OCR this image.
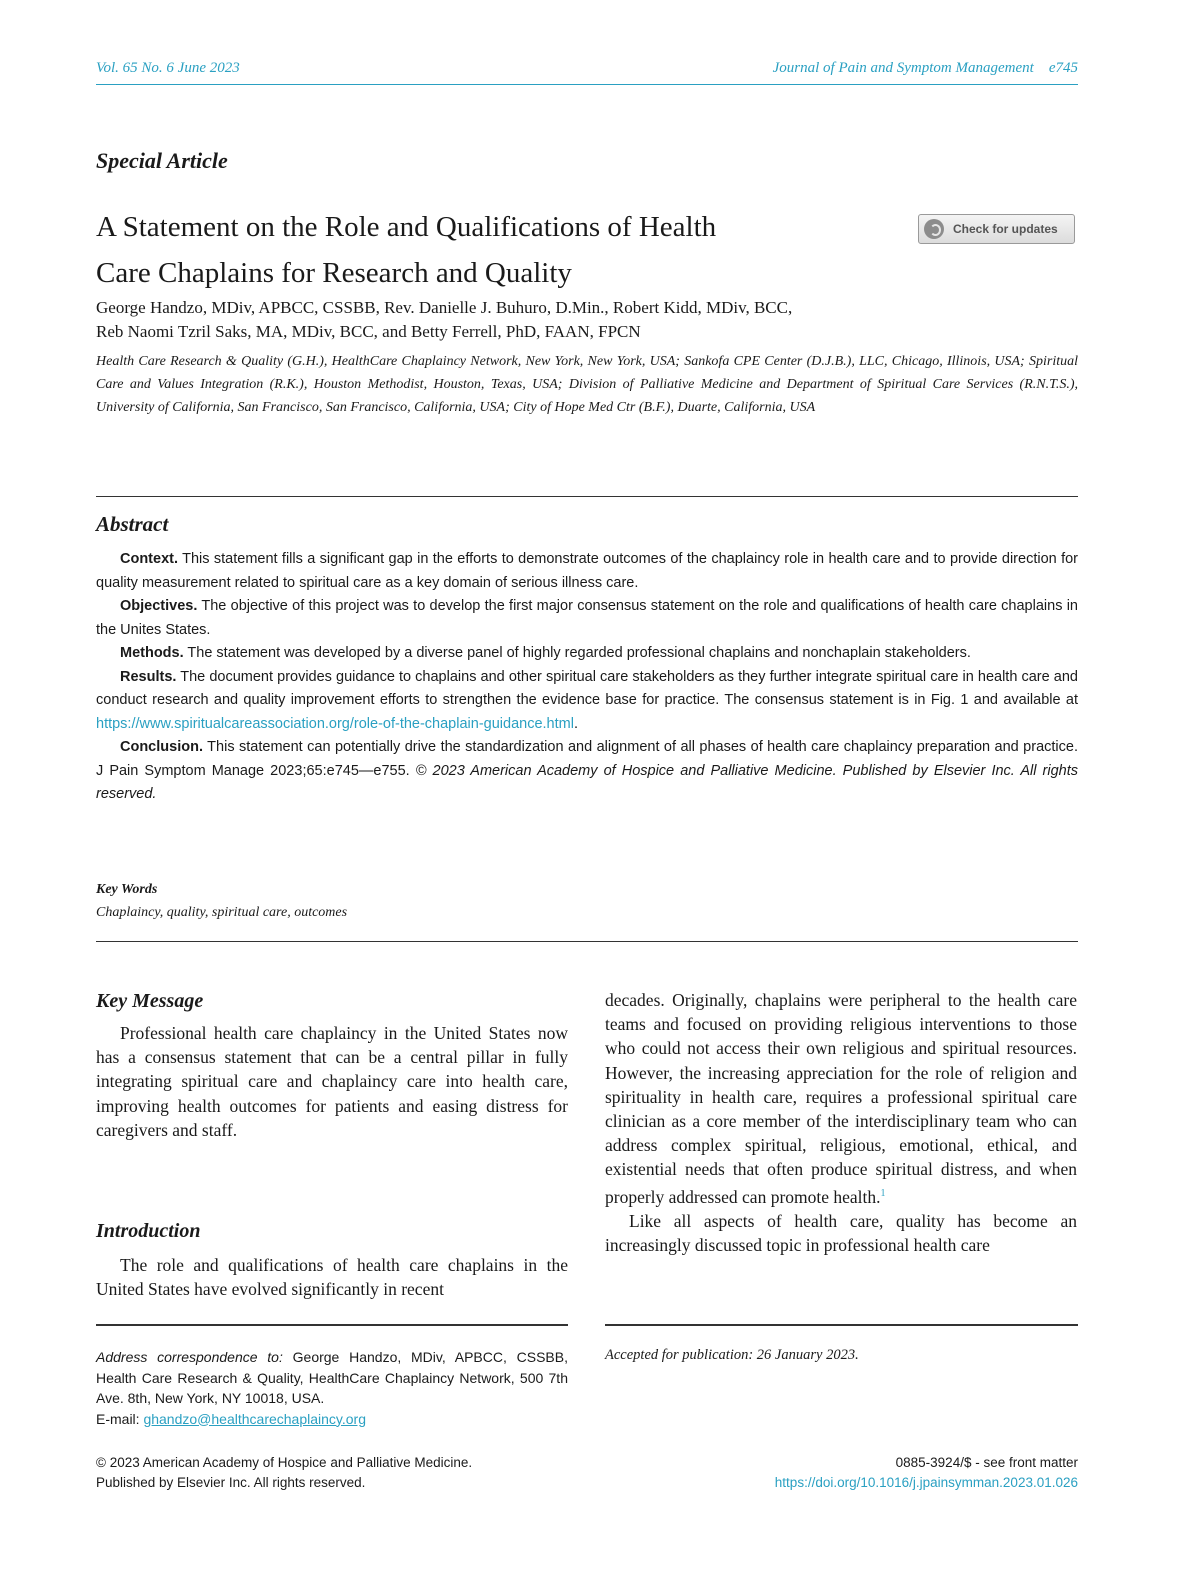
Vol. 65 No. 6 June 2023	Journal of Pain and Symptom Management e745
Special Article
A Statement on the Role and Qualifications of Health
Care Chaplains for Research and Quality
Check for updates
George Handzo, MDiv, APBCC, CSSBB, Rev. Danielle J. Buhuro, D.Min., Robert Kidd, MDiv, BCC,
Reb Naomi Tzril Saks, MA, MDiv, BCC, and Betty Ferrell, PhD, FAAN, FPCN
Health Care Research & Quality (G.H.), HealthCare Chaplaincy Network, New York, New York, USA; Sankofa CPE Center (D.J.B.), LLC, Chicago, Illinois, USA; Spiritual Care and Values Integration (R.K.), Houston Methodist, Houston, Texas, USA; Division of Palliative Medicine and Department of Spiritual Care Services (R.N.T.S.), University of California, San Francisco, San Francisco, California, USA; City of Hope Med Ctr (B.F.), Duarte, California, USA
Abstract

Context. This statement fills a significant gap in the efforts to demonstrate outcomes of the chaplaincy role in health care and to provide direction for quality measurement related to spiritual care as a key domain of serious illness care.

Objectives. The objective of this project was to develop the first major consensus statement on the role and qualifications of health care chaplains in the Unites States.

Methods. The statement was developed by a diverse panel of highly regarded professional chaplains and nonchaplain stakeholders.

Results. The document provides guidance to chaplains and other spiritual care stakeholders as they further integrate spiritual care in health care and conduct research and quality improvement efforts to strengthen the evidence base for practice. The consensus statement is in Fig. 1 and available at https://www.spiritualcareassociation.org/role-of-the-chaplain-guidance.html.

Conclusion. This statement can potentially drive the standardization and alignment of all phases of health care chaplaincy preparation and practice. J Pain Symptom Manage 2023;65:e745—e755. © 2023 American Academy of Hospice and Palliative Medicine. Published by Elsevier Inc. All rights reserved.

Key Words
Chaplaincy, quality, spiritual care, outcomes
Key Message

Professional health care chaplaincy in the United States now has a consensus statement that can be a central pillar in fully integrating spiritual care and chaplaincy care into health care, improving health outcomes for patients and easing distress for caregivers and staff.

Introduction

The role and qualifications of health care chaplains in the United States have evolved significantly in recent

decades. Originally, chaplains were peripheral to the health care teams and focused on providing religious interventions to those who could not access their own religious and spiritual resources. However, the increasing appreciation for the role of religion and spirituality in health care, requires a professional spiritual care clinician as a core member of the interdisciplinary team who can address complex spiritual, religious, emotional, ethical, and existential needs that often produce spiritual distress, and when properly addressed can promote health.$^1$

Like all aspects of health care, quality has become an increasingly discussed topic in professional health care

Address correspondence to: George Handzo, MDiv, APBCC, CSSBB, Health Care Research & Quality, HealthCare Chaplaincy Network, 500 7th Ave. 8th, New York, NY 10018, USA.
E-mail: ghandzo@healthcarechaplaincy.org
Accepted for publication: 26 January 2023.
© 2023 American Academy of Hospice and Palliative Medicine.
Published by Elsevier Inc. All rights reserved.
0885-3924/$ - see front matter
https://doi.org/10.1016/j.jpainsymman.2023.01.026
